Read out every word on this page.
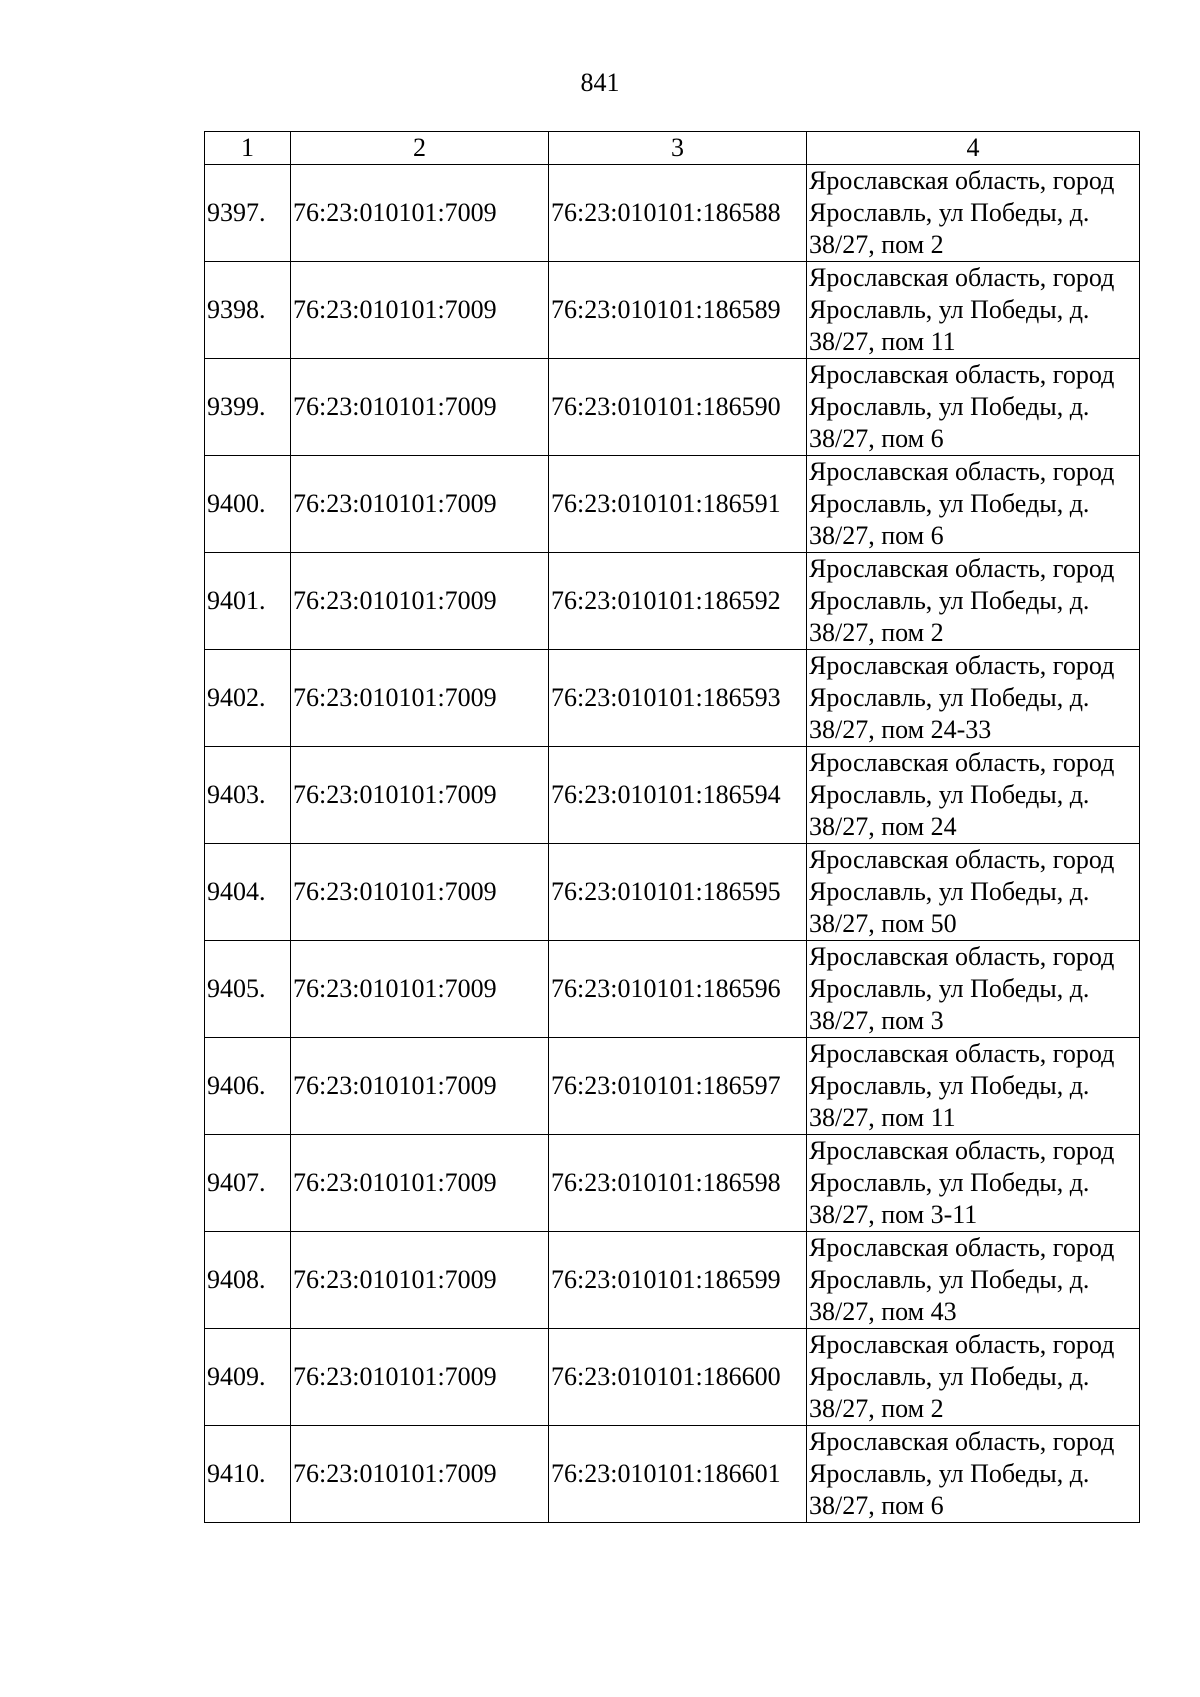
841
1	2	3	4
9397.	76:23:010101:7009	76:23:010101:186588	Ярославская область, город Ярославль, ул Победы, д. 38/27, пом 2
9398.	76:23:010101:7009	76:23:010101:186589	Ярославская область, город Ярославль, ул Победы, д. 38/27, пом 11
9399.	76:23:010101:7009	76:23:010101:186590	Ярославская область, город Ярославль, ул Победы, д. 38/27, пом 6
9400.	76:23:010101:7009	76:23:010101:186591	Ярославская область, город Ярославль, ул Победы, д. 38/27, пом 6
9401.	76:23:010101:7009	76:23:010101:186592	Ярославская область, город Ярославль, ул Победы, д. 38/27, пом 2
9402.	76:23:010101:7009	76:23:010101:186593	Ярославская область, город Ярославль, ул Победы, д. 38/27, пом 24-33
9403.	76:23:010101:7009	76:23:010101:186594	Ярославская область, город Ярославль, ул Победы, д. 38/27, пом 24
9404.	76:23:010101:7009	76:23:010101:186595	Ярославская область, город Ярославль, ул Победы, д. 38/27, пом 50
9405.	76:23:010101:7009	76:23:010101:186596	Ярославская область, город Ярославль, ул Победы, д. 38/27, пом 3
9406.	76:23:010101:7009	76:23:010101:186597	Ярославская область, город Ярославль, ул Победы, д. 38/27, пом 11
9407.	76:23:010101:7009	76:23:010101:186598	Ярославская область, город Ярославль, ул Победы, д. 38/27, пом 3-11
9408.	76:23:010101:7009	76:23:010101:186599	Ярославская область, город Ярославль, ул Победы, д. 38/27, пом 43
9409.	76:23:010101:7009	76:23:010101:186600	Ярославская область, город Ярославль, ул Победы, д. 38/27, пом 2
9410.	76:23:010101:7009	76:23:010101:186601	Ярославская область, город Ярославль, ул Победы, д. 38/27, пом 6
